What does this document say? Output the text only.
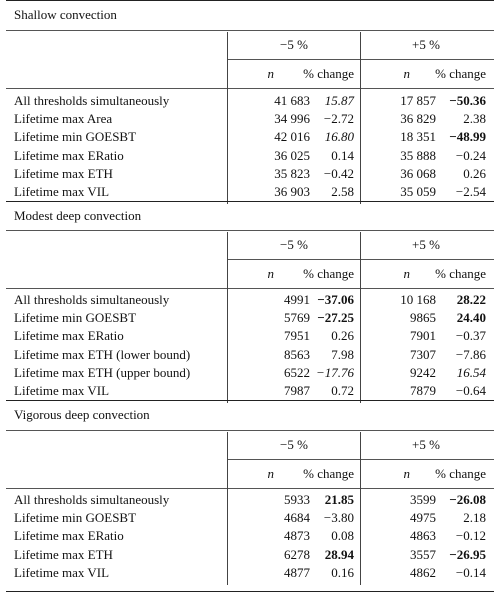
Shallow convection
−5 %	+5 %
n % change	n % change
All thresholds simultaneously	41 683 15.87	17 857 −50.36
Lifetime max Area	34 996 −2.72	36 829 2.38
Lifetime min GOESBT	42 016 16.80	18 351 −48.99
Lifetime max ERatio	36 025 0.14	35 888 −0.24
Lifetime max ETH	35 823 −0.42	36 068 0.26
Lifetime max VIL	36 903 2.58	35 059 −2.54
Modest deep convection
−5 %	+5 %
n % change	n % change
All thresholds simultaneously	4991 −37.06	10 168 28.22
Lifetime min GOESBT	5769 −27.25	9865 24.40
Lifetime max ERatio	7951 0.26	7901 −0.37
Lifetime max ETH (lower bound)	8563 7.98	7307 −7.86
Lifetime max ETH (upper bound)	6522 −17.76	9242 16.54
Lifetime max VIL	7987 0.72	7879 −0.64
Vigorous deep convection
−5 %	+5 %
n % change	n % change
All thresholds simultaneously	5933 21.85	3599 −26.08
Lifetime min GOESBT	4684 −3.80	4975 2.18
Lifetime max ERatio	4873 0.08	4863 −0.12
Lifetime max ETH	6278 28.94	3557 −26.95
Lifetime max VIL	4877 0.16	4862 −0.14
